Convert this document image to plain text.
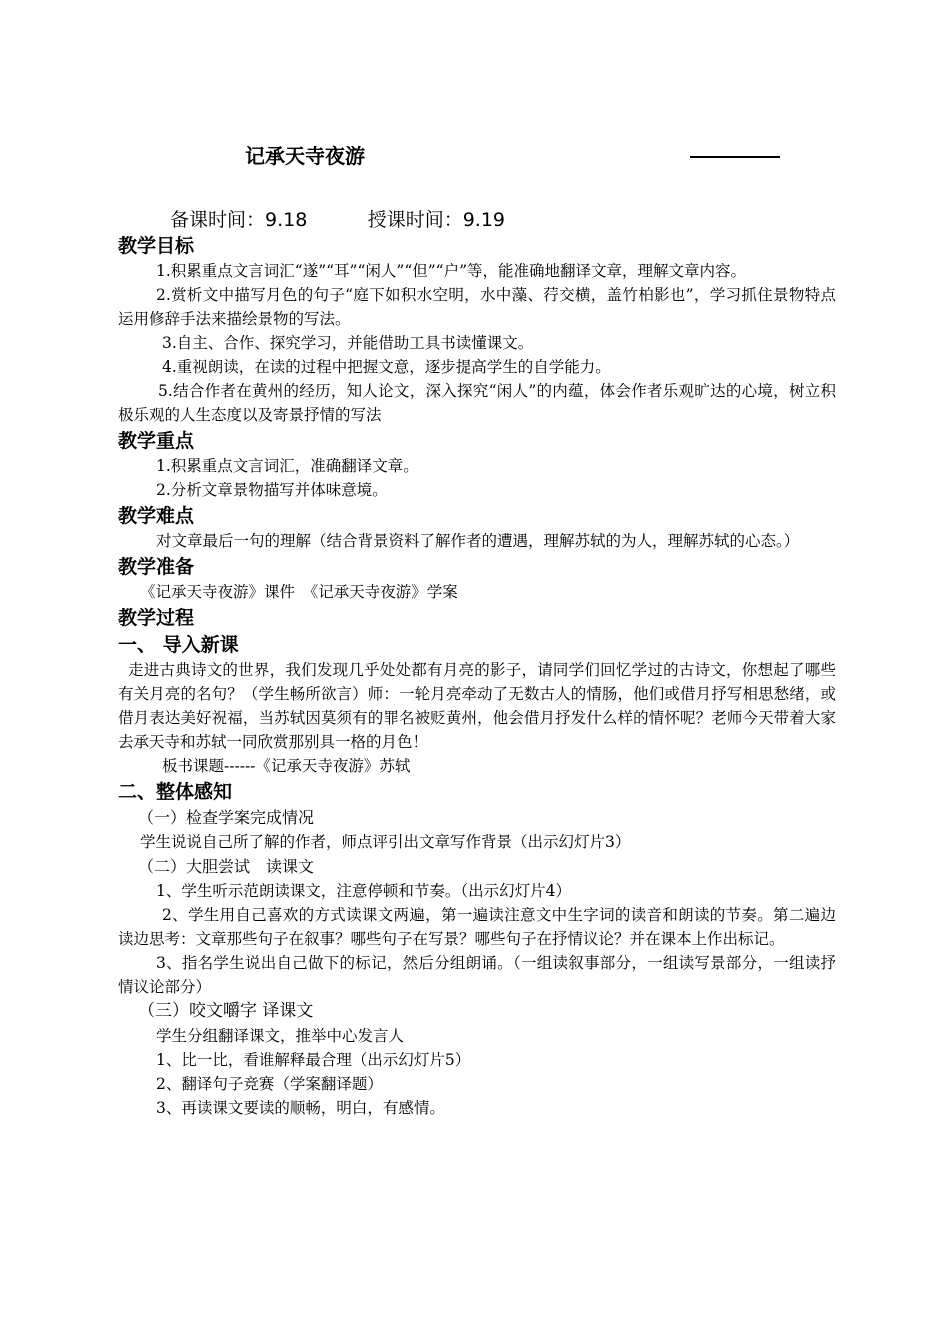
记承天寺夜游
备课时间：9.18	授课时间：9.19
教学目标

1.积累重点文言词汇“遂”“耳”“闲人”“但”“户”等，能准确地翻译文章，理解文章内容。

2.赏析文中描写月色的句子“庭下如积水空明，水中藻、荇交横，盖竹柏影也”，学习抓住景物特点运用修辞手法来描绘景物的写法。

3.自主、合作、探究学习，并能借助工具书读懂课文。

4.重视朗读，在读的过程中把握文意，逐步提高学生的自学能力。

5.结合作者在黄州的经历，知人论文，深入探究“闲人”的内蕴，体会作者乐观旷达的心境，树立积极乐观的人生态度以及寄景抒情的写法

教学重点

1.积累重点文言词汇，准确翻译文章。

2.分析文章景物描写并体味意境。

教学难点

对文章最后一句的理解（结合背景资料了解作者的遭遇，理解苏轼的为人，理解苏轼的心态。）

教学准备

《记承天寺夜游》课件　《记承天寺夜游》学案

教学过程
一、 导入新课

走进古典诗文的世界，我们发现几乎处处都有月亮的影子，请同学们回忆学过的古诗文，你想起了哪些有关月亮的名句？（学生畅所欲言）师：一轮月亮牵动了无数古人的情肠，他们或借月抒写相思愁绪，或借月表达美好祝福，当苏轼因莫须有的罪名被贬黄州，他会借月抒发什么样的情怀呢？老师今天带着大家去承天寺和苏轼一同欣赏那别具一格的月色！

板书课题------《记承天寺夜游》苏轼

二、整体感知

（一）检查学案完成情况

学生说说自己所了解的作者，师点评引出文章写作背景（出示幻灯片3）

（二）大胆尝试　读课文

1、学生听示范朗读课文，注意停顿和节奏。（出示幻灯片4）

2、学生用自己喜欢的方式读课文两遍，第一遍读注意文中生字词的读音和朗读的节奏。第二遍边读边思考：文章那些句子在叙事？哪些句子在写景？哪些句子在抒情议论？并在课本上作出标记。

3、指名学生说出自己做下的标记，然后分组朗诵。（一组读叙事部分，一组读写景部分，一组读抒情议论部分）

（三）咬文嚼字 译课文

学生分组翻译课文，推举中心发言人

1、比一比，看谁解释最合理（出示幻灯片5）

2、翻译句子竞赛（学案翻译题）

3、再读课文要读的顺畅，明白，有感情。
